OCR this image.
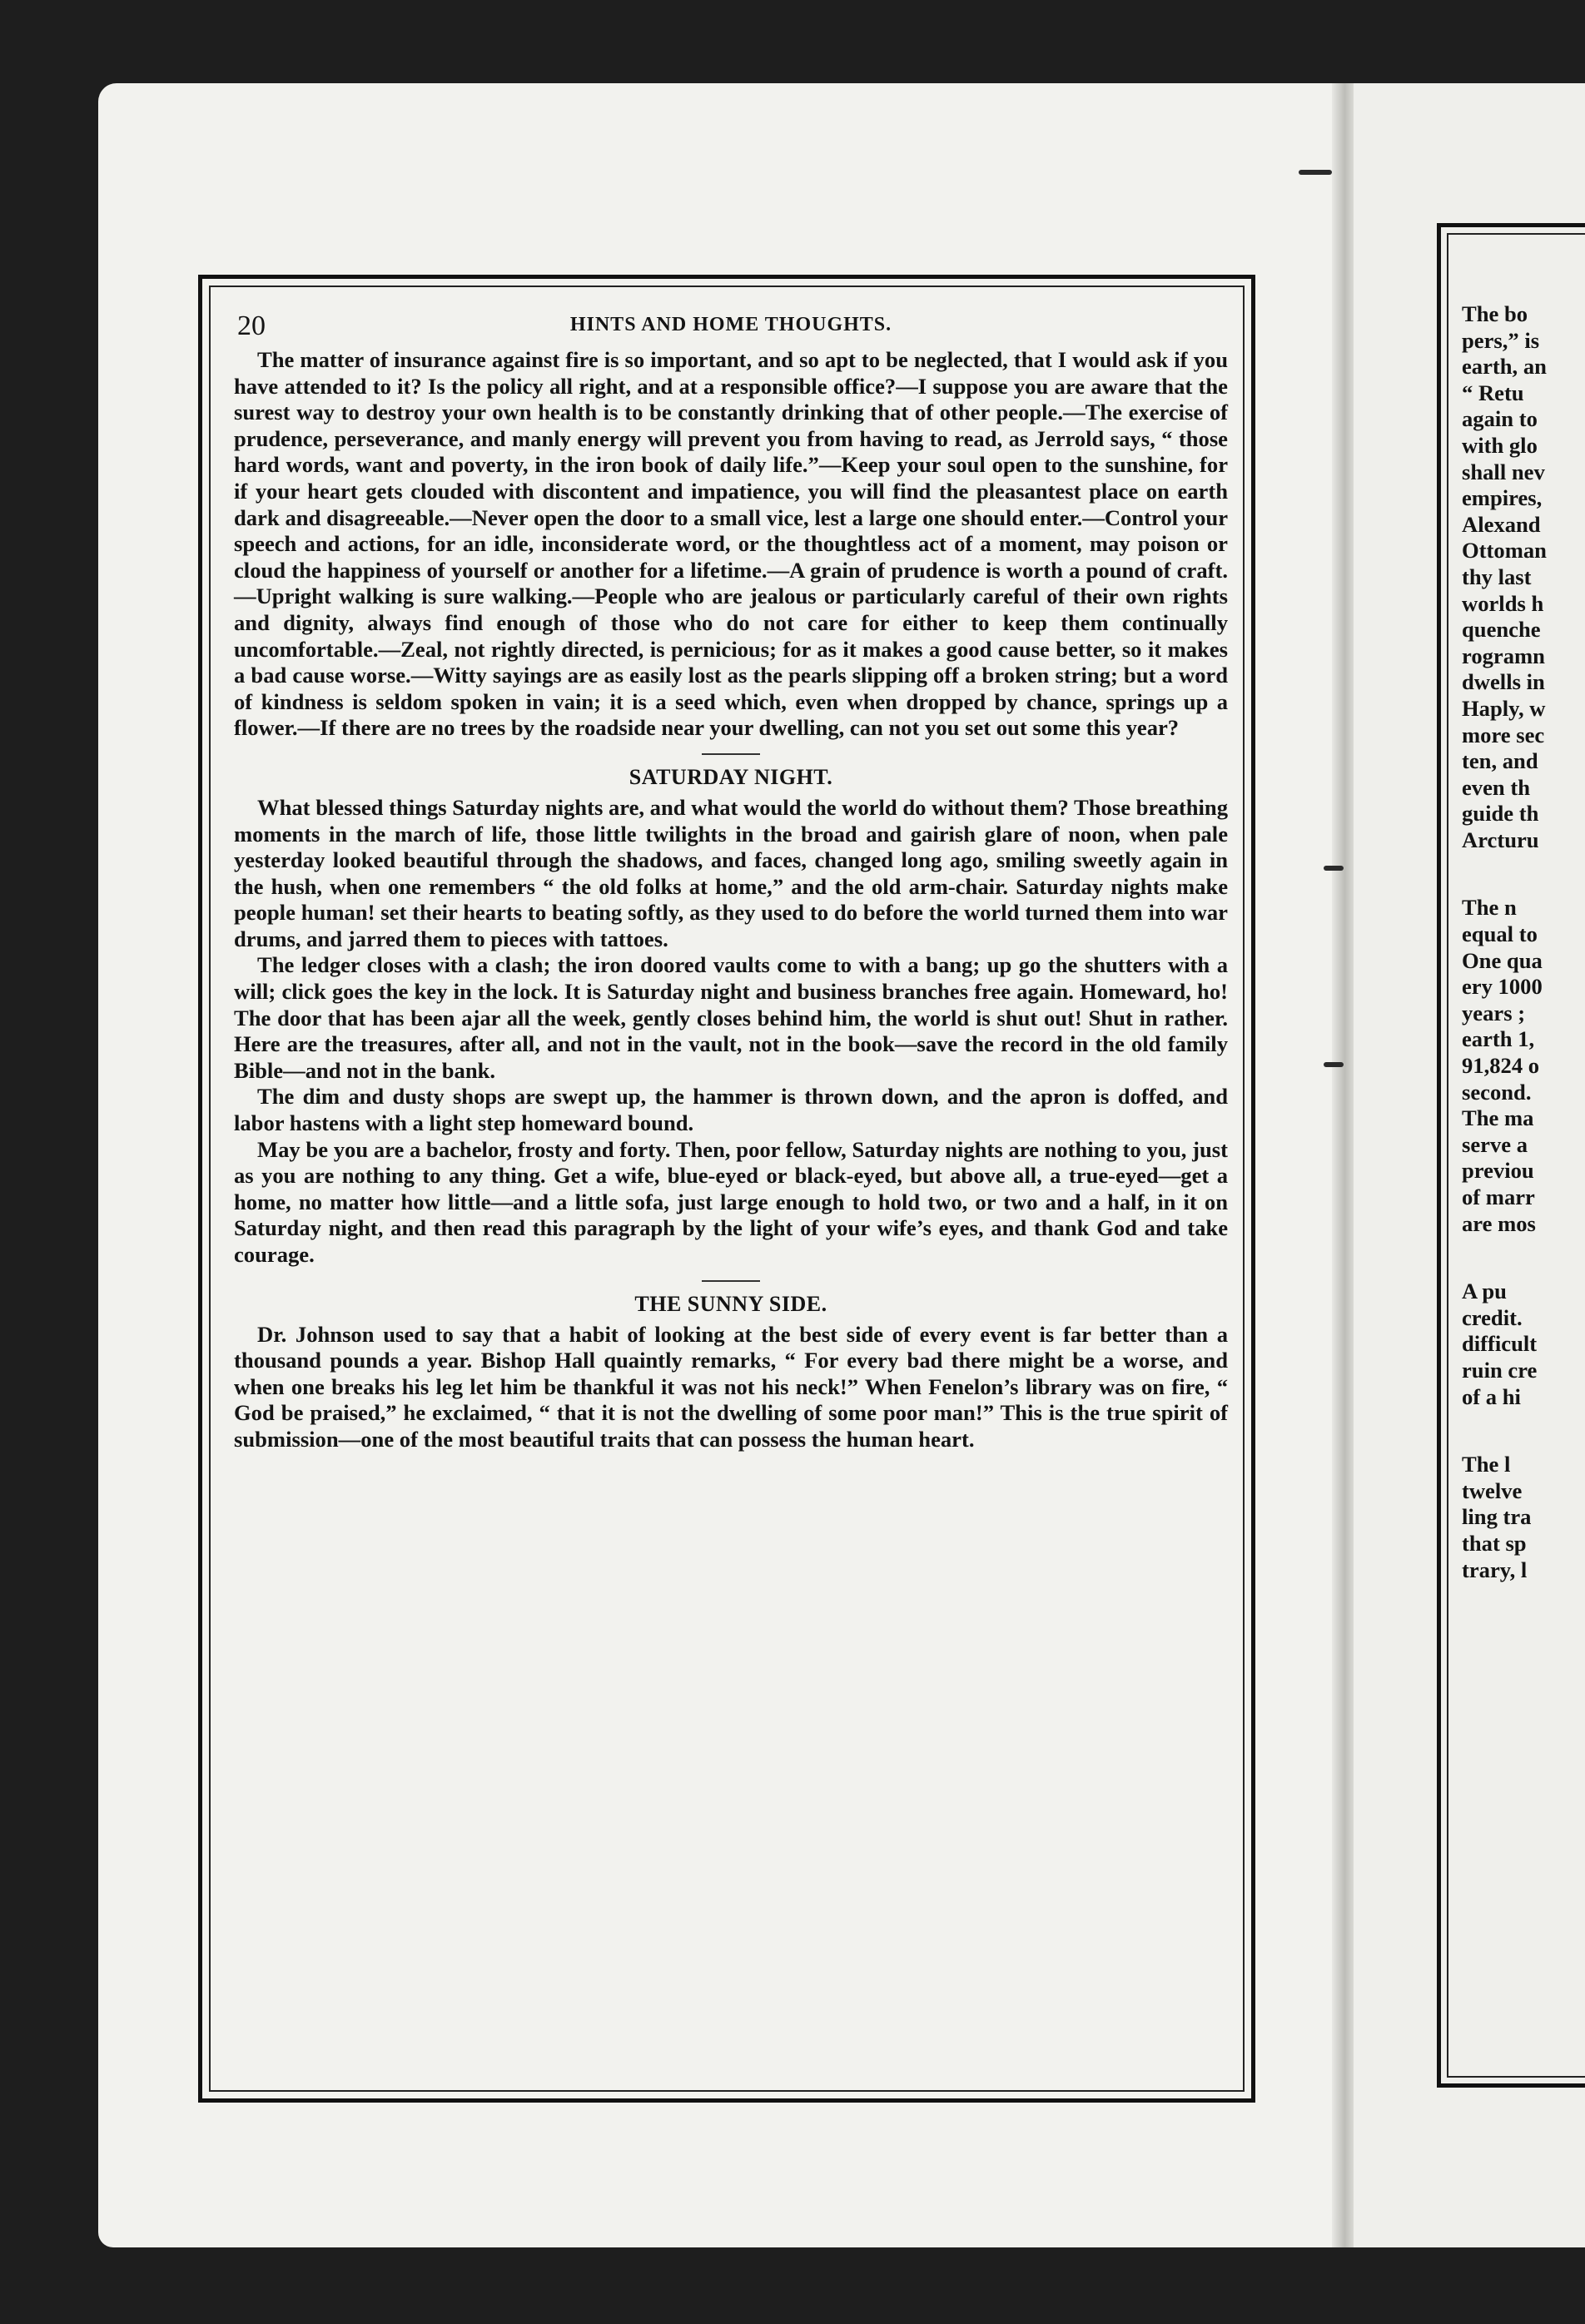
20	HINTS AND HOME THOUGHTS.

The matter of insurance against fire is so important, and so apt to be neglected, that I would ask if you have attended to it? Is the policy all right, and at a responsible office?—I suppose you are aware that the surest way to destroy your own health is to be constantly drinking that of other people.—The exercise of prudence, perseverance, and manly energy will prevent you from having to read, as Jerrold says, “ those hard words, want and poverty, in the iron book of daily life.”—Keep your soul open to the sunshine, for if your heart gets clouded with discontent and impatience, you will find the pleasantest place on earth dark and disagreeable.—Never open the door to a small vice, lest a large one should enter.—Control your speech and actions, for an idle, inconsiderate word, or the thoughtless act of a moment, may poison or cloud the happiness of yourself or another for a lifetime.—A grain of prudence is worth a pound of craft.—Upright walking is sure walking.—People who are jealous or particularly careful of their own rights and dignity, always find enough of those who do not care for either to keep them continually uncomfortable.—Zeal, not rightly directed, is pernicious; for as it makes a good cause better, so it makes a bad cause worse.—Witty sayings are as easily lost as the pearls slipping off a broken string; but a word of kindness is seldom spoken in vain; it is a seed which, even when dropped by chance, springs up a flower.—If there are no trees by the roadside near your dwelling, can not you set out some this year?

SATURDAY NIGHT.

What blessed things Saturday nights are, and what would the world do without them? Those breathing moments in the march of life, those little twilights in the broad and gairish glare of noon, when pale yesterday looked beautiful through the shadows, and faces, changed long ago, smiling sweetly again in the hush, when one remembers “ the old folks at home,” and the old arm-chair. Saturday nights make people human! set their hearts to beating softly, as they used to do before the world turned them into war drums, and jarred them to pieces with tattoes.

The ledger closes with a clash; the iron doored vaults come to with a bang; up go the shutters with a will; click goes the key in the lock. It is Saturday night and business branches free again. Homeward, ho! The door that has been ajar all the week, gently closes behind him, the world is shut out! Shut in rather. Here are the treasures, after all, and not in the vault, not in the book—save the record in the old family Bible—and not in the bank.

The dim and dusty shops are swept up, the hammer is thrown down, and the apron is doffed, and labor hastens with a light step homeward bound.

May be you are a bachelor, frosty and forty. Then, poor fellow, Saturday nights are nothing to you, just as you are nothing to any thing. Get a wife, blue-eyed or black-eyed, but above all, a true-eyed—get a home, no matter how little—and a little sofa, just large enough to hold two, or two and a half, in it on Saturday night, and then read this paragraph by the light of your wife’s eyes, and thank God and take courage.

THE SUNNY SIDE.

Dr. Johnson used to say that a habit of looking at the best side of every event is far better than a thousand pounds a year. Bishop Hall quaintly remarks, “ For every bad there might be a worse, and when one breaks his leg let him be thankful it was not his neck!” When Fenelon’s library was on fire, “ God be praised,” he exclaimed, “ that it is not the dwelling of some poor man!” This is the true spirit of submission—one of the most beautiful traits that can possess the human heart.

The bo
pers,” is
earth, an
“ Retu
again to
with glo
shall nev
empires,
Alexand
Ottoman
thy last
worlds h
quenche
rogramn
dwells in
Haply, w
more sec
ten, and
even th
guide th
Arcturu
The n
equal to
One qua
ery 1000
years ;
earth 1,
91,824 o
second.
The ma
serve a
previou
of marr
are mos
A pu
credit.
difficult
ruin cre
of a hi
The l
twelve
ling tra
that sp
trary, l
